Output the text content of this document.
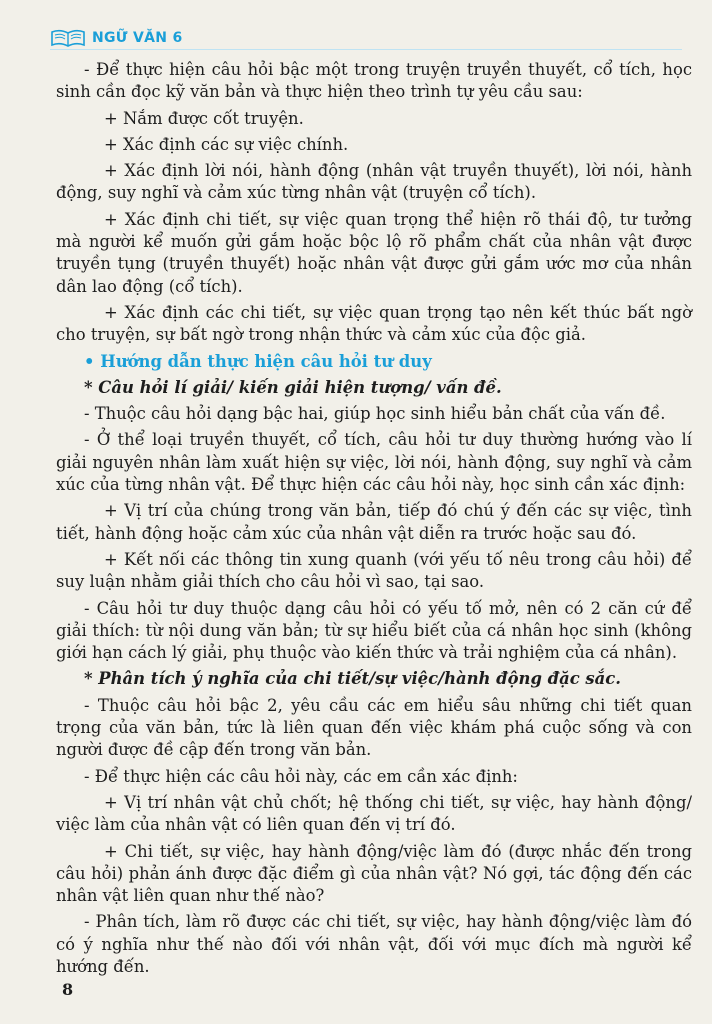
NGỮ VĂN 6

- Để thực hiện câu hỏi bậc một trong truyện truyền thuyết, cổ tích, học sinh cần đọc kỹ văn bản và thực hiện theo trình tự yêu cầu sau:

+ Nắm được cốt truyện.

+ Xác định các sự việc chính.

+ Xác định lời nói, hành động (nhân vật truyền thuyết), lời nói, hành động, suy nghĩ và cảm xúc từng nhân vật (truyện cổ tích).

+ Xác định chi tiết, sự việc quan trọng thể hiện rõ thái độ, tư tưởng mà người kể muốn gửi gắm hoặc bộc lộ rõ phẩm chất của nhân vật được truyền tụng (truyền thuyết) hoặc nhân vật được gửi gắm ước mơ của nhân dân lao động (cổ tích).

+ Xác định các chi tiết, sự việc quan trọng tạo nên kết thúc bất ngờ cho truyện, sự bất ngờ trong nhận thức và cảm xúc của độc giả.

• Hướng dẫn thực hiện câu hỏi tư duy

* Câu hỏi lí giải/ kiến giải hiện tượng/ vấn đề.

- Thuộc câu hỏi dạng bậc hai, giúp học sinh hiểu bản chất của vấn đề.

- Ở thể loại truyền thuyết, cổ tích, câu hỏi tư duy thường hướng vào lí giải nguyên nhân làm xuất hiện sự việc, lời nói, hành động, suy nghĩ và cảm xúc của từng nhân vật. Để thực hiện các câu hỏi này, học sinh cần xác định:

+ Vị trí của chúng trong văn bản, tiếp đó chú ý đến các sự việc, tình tiết, hành động hoặc cảm xúc của nhân vật diễn ra trước hoặc sau đó.

+ Kết nối các thông tin xung quanh (với yếu tố nêu trong câu hỏi) để suy luận nhằm giải thích cho câu hỏi vì sao, tại sao.

- Câu hỏi tư duy thuộc dạng câu hỏi có yếu tố mở, nên có 2 căn cứ để giải thích: từ nội dung văn bản; từ sự hiểu biết của cá nhân học sinh (không giới hạn cách lý giải, phụ thuộc vào kiến thức và trải nghiệm của cá nhân).

* Phân tích ý nghĩa của chi tiết/sự việc/hành động đặc sắc.

- Thuộc câu hỏi bậc 2, yêu cầu các em hiểu sâu những chi tiết quan trọng của văn bản, tức là liên quan đến việc khám phá cuộc sống và con người được đề cập đến trong văn bản.

- Để thực hiện các câu hỏi này, các em cần xác định:

+ Vị trí nhân vật chủ chốt; hệ thống chi tiết, sự việc, hay hành động/ việc làm của nhân vật có liên quan đến vị trí đó.

+ Chi tiết, sự việc, hay hành động/việc làm đó (được nhắc đến trong câu hỏi) phản ánh được đặc điểm gì của nhân vật? Nó gợi, tác động đến các nhân vật liên quan như thế nào?

- Phân tích, làm rõ được các chi tiết, sự việc, hay hành động/việc làm đó có ý nghĩa như thế nào đối với nhân vật, đối với mục đích mà người kể hướng đến.

8
